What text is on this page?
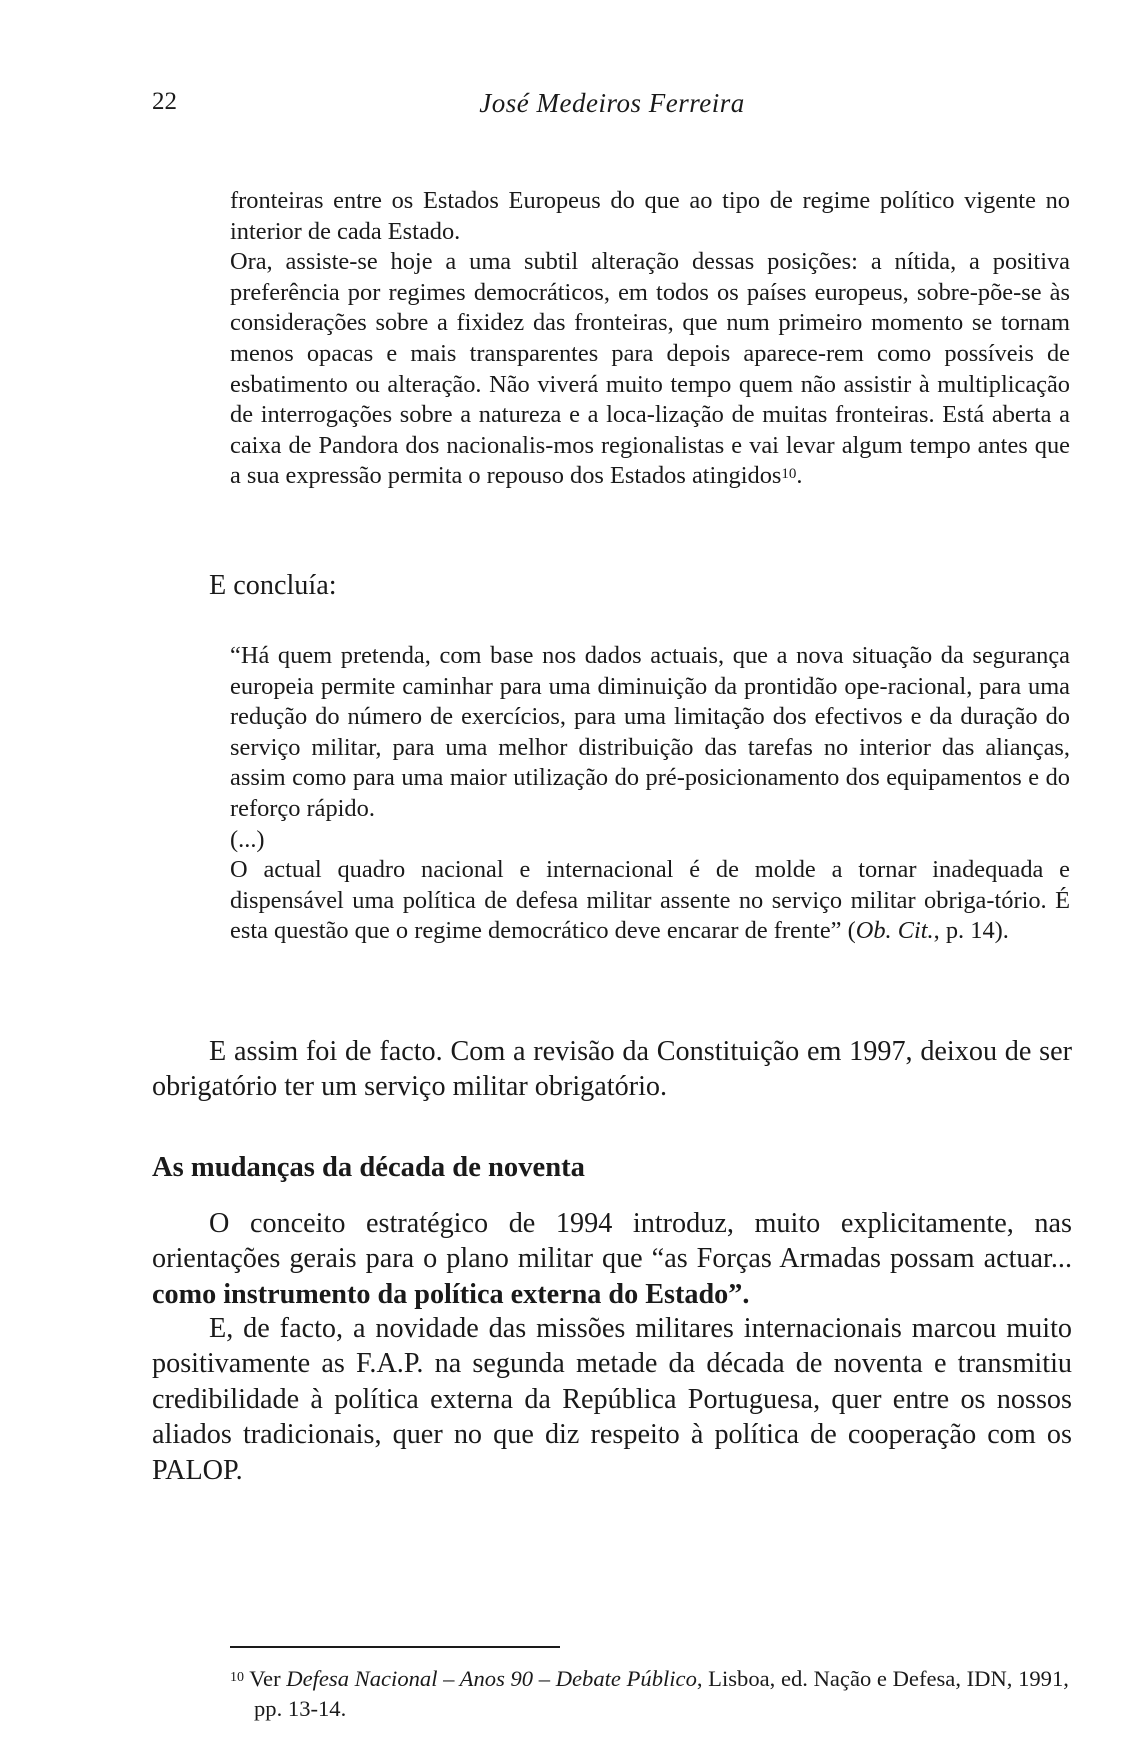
22	José Medeiros Ferreira

fronteiras entre os Estados Europeus do que ao tipo de regime político vigente no interior de cada Estado.

Ora, assiste-se hoje a uma subtil alteração dessas posições: a nítida, a positiva preferência por regimes democráticos, em todos os países europeus, sobre-põe-se às considerações sobre a fixidez das fronteiras, que num primeiro momento se tornam menos opacas e mais transparentes para depois aparece-rem como possíveis de esbatimento ou alteração. Não viverá muito tempo quem não assistir à multiplicação de interrogações sobre a natureza e a loca-lização de muitas fronteiras. Está aberta a caixa de Pandora dos nacionalis-mos regionalistas e vai levar algum tempo antes que a sua expressão permita o repouso dos Estados atingidos$^{10}$.

E concluía:

“Há quem pretenda, com base nos dados actuais, que a nova situação da segurança europeia permite caminhar para uma diminuição da prontidão ope-racional, para uma redução do número de exercícios, para uma limitação dos efectivos e da duração do serviço militar, para uma melhor distribuição das tarefas no interior das alianças, assim como para uma maior utilização do pré-posicionamento dos equipamentos e do reforço rápido.

(...)

O actual quadro nacional e internacional é de molde a tornar inadequada e dispensável uma política de defesa militar assente no serviço militar obriga-tório. É esta questão que o regime democrático deve encarar de frente” (Ob. Cit., p. 14).

E assim foi de facto. Com a revisão da Constituição em 1997, deixou de ser obrigatório ter um serviço militar obrigatório.

As mudanças da década de noventa

O conceito estratégico de 1994 introduz, muito explicitamente, nas orientações gerais para o plano militar que “as Forças Armadas possam actuar... como instrumento da política externa do Estado”.

E, de facto, a novidade das missões militares internacionais marcou muito positivamente as F.A.P. na segunda metade da década de noventa e transmitiu credibilidade à política externa da República Portuguesa, quer entre os nossos aliados tradicionais, quer no que diz respeito à política de cooperação com os PALOP.

$^{10}$ Ver Defesa Nacional – Anos 90 – Debate Público, Lisboa, ed. Nação e Defesa, IDN, 1991,
pp. 13-14.
